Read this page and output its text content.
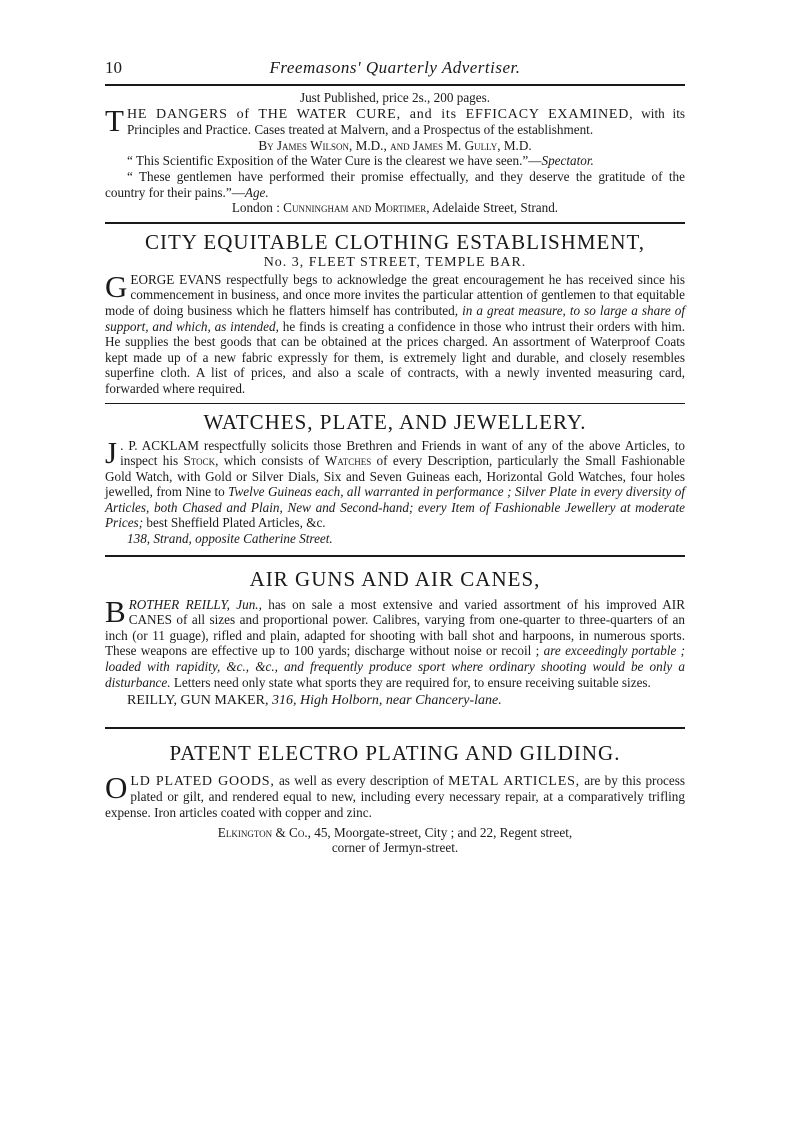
10	Freemasons' Quarterly Advertiser.

Just Published, price 2s., 200 pages.

T HE DANGERS of THE WATER CURE, and its EFFICACY EXAMINED, with its Principles and Practice. Cases treated at Malvern, and a Prospectus of the establishment.

By James Wilson, M.D., and James M. Gully, M.D.

“ This Scientific Exposition of the Water Cure is the clearest we have seen.”—Spectator.

“ These gentlemen have performed their promise effectually, and they deserve the gratitude of the country for their pains.”—Age.

London : Cunningham and Mortimer, Adelaide Street, Strand.

CITY EQUITABLE CLOTHING ESTABLISHMENT,
No. 3, FLEET STREET, TEMPLE BAR.

G EORGE EVANS respectfully begs to acknowledge the great encouragement he has received since his commencement in business, and once more invites the particular attention of gentlemen to that equitable mode of doing business which he flatters himself has contributed, in a great measure, to so large a share of support, and which, as intended, he finds is creating a confidence in those who intrust their orders with him. He supplies the best goods that can be obtained at the prices charged. An assortment of Waterproof Coats kept made up of a new fabric expressly for them, is extremely light and durable, and closely resembles superfine cloth. A list of prices, and also a scale of contracts, with a newly invented measuring card, forwarded where required.

WATCHES, PLATE, AND JEWELLERY.

J . P. ACKLAM respectfully solicits those Brethren and Friends in want of any of the above Articles, to inspect his Stock, which consists of Watches of every Description, particularly the Small Fashionable Gold Watch, with Gold or Silver Dials, Six and Seven Guineas each, Horizontal Gold Watches, four holes jewelled, from Nine to Twelve Guineas each, all warranted in performance ; Silver Plate in every diversity of Articles, both Chased and Plain, New and Second-hand; every Item of Fashionable Jewellery at moderate Prices; best Sheffield Plated Articles, &c.

138, Strand, opposite Catherine Street.

AIR GUNS AND AIR CANES,

B ROTHER REILLY, Jun., has on sale a most extensive and varied assortment of his improved AIR CANES of all sizes and proportional power. Calibres, varying from one-quarter to three-quarters of an inch (or 11 guage), rifled and plain, adapted for shooting with ball shot and harpoons, in numerous sports. These weapons are effective up to 100 yards; discharge without noise or recoil ; are exceedingly portable ; loaded with rapidity, &c., &c., and frequently produce sport where ordinary shooting would be only a disturbance. Letters need only state what sports they are required for, to ensure receiving suitable sizes.

REILLY, GUN MAKER, 316, High Holborn, near Chancery-lane.

PATENT ELECTRO PLATING AND GILDING.

O LD PLATED GOODS, as well as every description of METAL ARTICLES, are by this process plated or gilt, and rendered equal to new, including every necessary repair, at a comparatively trifling expense. Iron articles coated with copper and zinc.

Elkington & Co., 45, Moorgate-street, City ; and 22, Regent street,

corner of Jermyn-street.
